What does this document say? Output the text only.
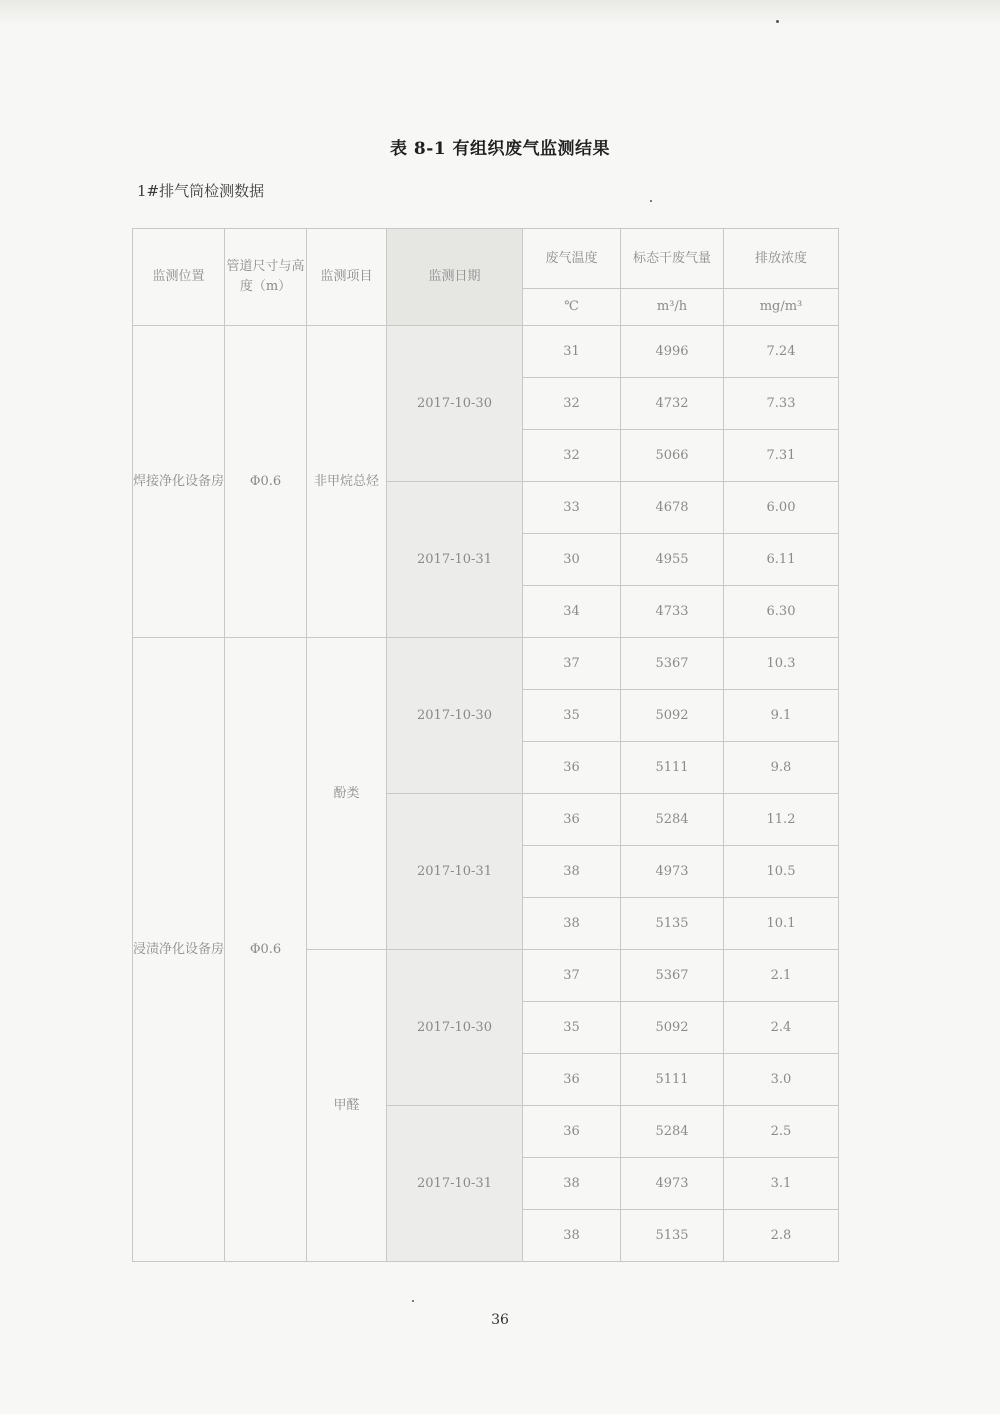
表 8-1 有组织废气监测结果
1#排气筒检测数据
监测位置	管道尺寸与高度（m）	监测项目	监测日期	废气温度	标态干废气量	排放浓度
				℃	m³/h	mg/m³
焊接净化设备房	Φ0.6	非甲烷总烃	2017-10-30	31	4996	7.24
				32	4732	7.33
				32	5066	7.31
			2017-10-31	33	4678	6.00
				30	4955	6.11
				34	4733	6.30
浸渍净化设备房	Φ0.6	酚类	2017-10-30	37	5367	10.3
				35	5092	9.1
				36	5111	9.8
			2017-10-31	36	5284	11.2
				38	4973	10.5
				38	5135	10.1
		甲醛	2017-10-30	37	5367	2.1
				35	5092	2.4
				36	5111	3.0
			2017-10-31	36	5284	2.5
				38	4973	3.1
				38	5135	2.8
36
